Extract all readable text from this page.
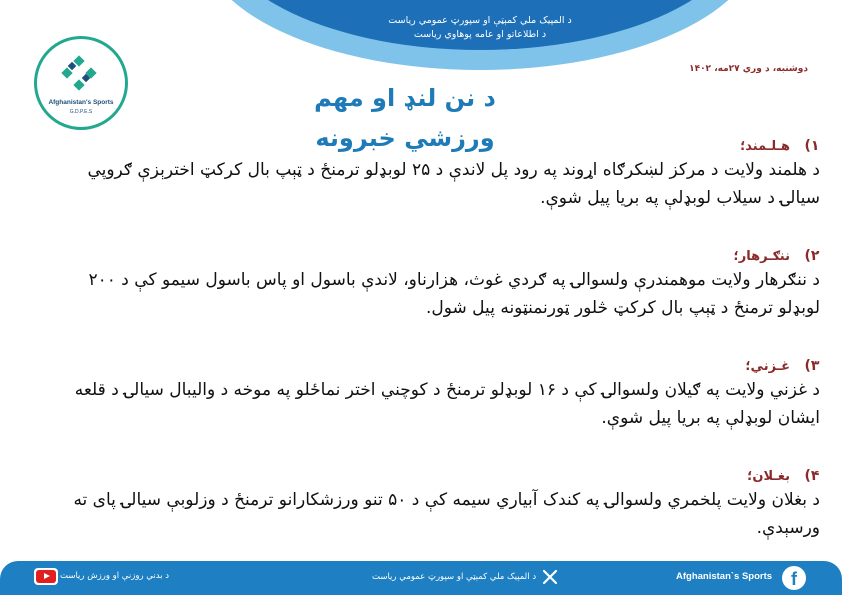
د المپیک ملي کمېټې او سپورټ عمومي رياست
د اطلاعاتو او عامه پوهاوي رياست
Afghanistan's Sports
G.D.P.E.S
دوشنبه، د وري ۲۷مه، ۱۴۰۲
د نن لنډ او مهم
ورزشي خبرونه	۱)
هـلـمند؛
د هلمند ولايت د مرکز لښکرګاه اړوند په رود پل لاندې د ۲۵ لوبډلو ترمنځ د ټېپ بال کرکټ اخترېزې ګروپي سيالۍ د سيلاب لوبډلې په بريا پيل شوې.
۲)
ننګـرهار؛
د ننګرهار ولايت موهمندرې ولسوالۍ په ګردي غوث، هزارناو، لاندې باسول او پاس باسول سيمو کې د ۲۰۰ لوبډلو ترمنځ د ټېپ بال کرکټ څلور ټورنمنټونه پيل شول.
۳)
غـزني؛
د غزني ولايت په ګيلان ولسوالۍ کې د ۱۶ لوبډلو ترمنځ د کوچني اختر نماځلو په موخه د واليبال سيالۍ د قلعه ايشان لوبډلې په بريا پيل شوې.
۴)
بغـلان؛
د بغلان ولايت پلخمري ولسوالۍ په کندک آبياري سيمه کې د ۵۰ تنو ورزشکارانو ترمنځ د وزلوبې سيالۍ پای ته ورسېدې.
د بدني روزنې او ورزش رياست	د المپیک ملي کمېټې او سپورټ عمومي رياست	Afghanistan`s Sports	f
